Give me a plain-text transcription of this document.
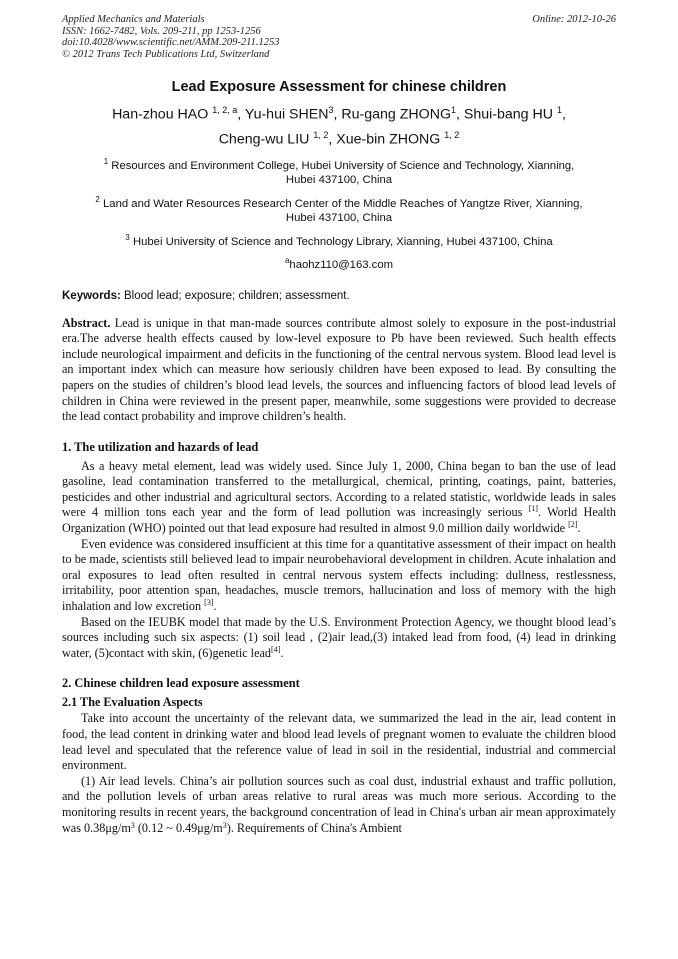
Applied Mechanics and Materials
ISSN: 1662-7482, Vols. 209-211, pp 1253-1256
doi:10.4028/www.scientific.net/AMM.209-211.1253
© 2012 Trans Tech Publications Ltd, Switzerland
Online: 2012-10-26
Lead Exposure Assessment for chinese children
Han-zhou HAO $^{1, 2, a}$, Yu-hui SHEN$^3$, Ru-gang ZHONG$^1$, Shui-bang HU $^1$,
Cheng-wu LIU $^{1, 2}$, Xue-bin ZHONG $^{1, 2}$
$^1$ Resources and Environment College, Hubei University of Science and Technology, Xianning,
Hubei 437100, China
$^2$ Land and Water Resources Research Center of the Middle Reaches of Yangtze River, Xianning,
Hubei 437100, China
$^3$ Hubei University of Science and Technology Library, Xianning, Hubei 437100, China
$^a$haohz110@163.com
Keywords: Blood lead; exposure; children; assessment.
Abstract. Lead is unique in that man-made sources contribute almost solely to exposure in the post-industrial era.The adverse health effects caused by low-level exposure to Pb have been reviewed. Such health effects include neurological impairment and deficits in the functioning of the central nervous system. Blood lead level is an important index which can measure how seriously children have been exposed to lead. By consulting the papers on the studies of children’s blood lead levels, the sources and influencing factors of blood lead levels of children in China were reviewed in the present paper, meanwhile, some suggestions were provided to decrease the lead contact probability and improve children’s health.
1. The utilization and hazards of lead

As a heavy metal element, lead was widely used. Since July 1, 2000, China began to ban the use of lead gasoline, lead contamination transferred to the metallurgical, chemical, printing, coatings, paint, batteries, pesticides and other industrial and agricultural sectors. According to a related statistic, worldwide leads in sales were 4 million tons each year and the form of lead pollution was increasingly serious [1]. World Health Organization (WHO) pointed out that lead exposure had resulted in almost 9.0 million daily worldwide [2].

Even evidence was considered insufficient at this time for a quantitative assessment of their impact on health to be made, scientists still believed lead to impair neurobehavioral development in children. Acute inhalation and oral exposures to lead often resulted in central nervous system effects including: dullness, restlessness, irritability, poor attention span, headaches, muscle tremors, hallucination and loss of memory with the high inhalation and low excretion [3].

Based on the IEUBK model that made by the U.S. Environment Protection Agency, we thought blood lead’s sources including such six aspects: (1) soil lead , (2)air lead,(3) intaked lead from food, (4) lead in drinking water, (5)contact with skin, (6)genetic lead[4].

2. Chinese children lead exposure assessment
2.1 The Evaluation Aspects

Take into account the uncertainty of the relevant data, we summarized the lead in the air, lead content in food, the lead content in drinking water and blood lead levels of pregnant women to evaluate the children blood lead level and speculated that the reference value of lead in soil in the residential, industrial and commercial environment.

(1) Air lead levels. China’s air pollution sources such as coal dust, industrial exhaust and traffic pollution, and the pollution levels of urban areas relative to rural areas was much more serious. According to the monitoring results in recent years, the background concentration of lead in China's urban air mean approximately was $0.38\mu g/m^3$ (0.12 ~ $0.49\mu g/m^3$). Requirements of China's Ambient
